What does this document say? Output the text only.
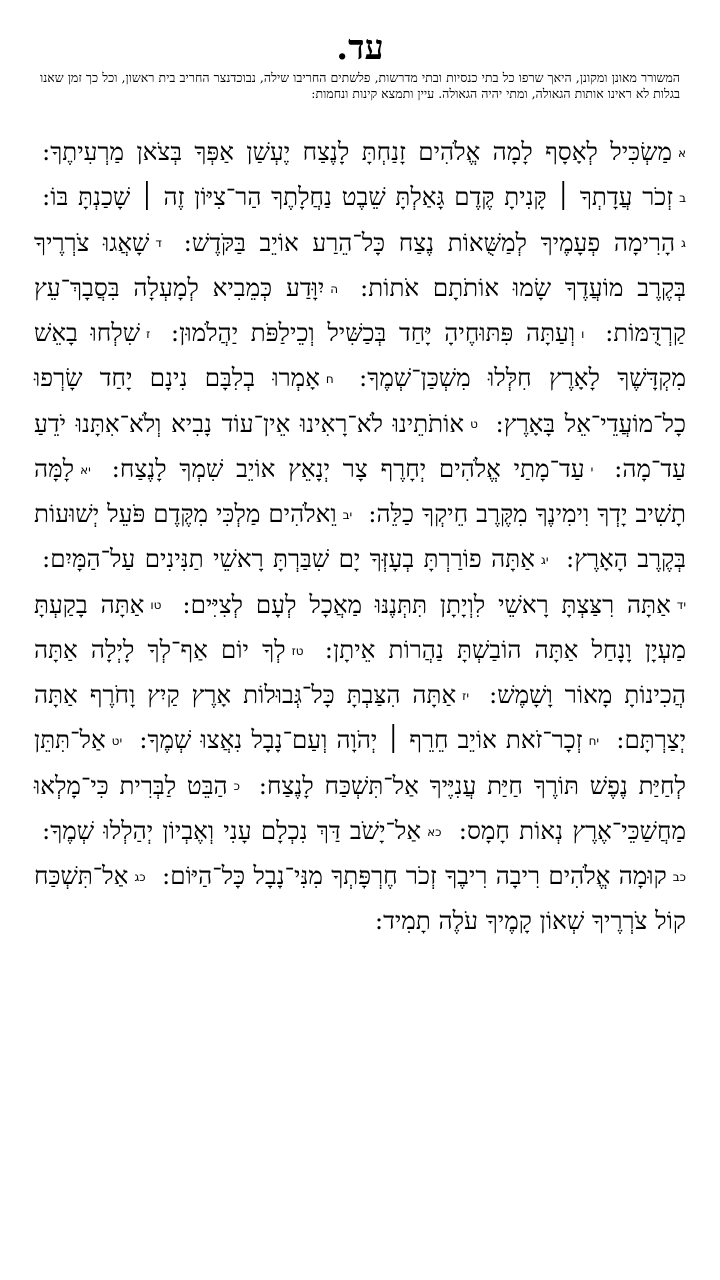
עד.
המשורר מאונן ומקונן, היאך שרפו כל בתי כנסיות ובתי מדרשות, פלשתים החריבו שילה, נבוכדנצר החריב בית ראשון, וכל כך זמן שאנו בגלות לא ראינו אותות הגאולה, ומתי יהיה הגאולה. עיין ותמצא קינות ונחמות:
אמַשְׂכִּיל לְאָסָף לָמָה אֱלֹהִים זָנַחְתָּ לָנֶצַח יֶעְשַׁן אַפְּךָ בְּצֹאן מַרְעִיתֶךָ: בזְכֹר עֲדָתְךָ ׀ קָּנִיתָ קֶּדֶם גָּאַלְתָּ שֵׁבֶט נַחֲלָתֶךָ הַר־צִיּוֹן זֶה ׀ שָׁכַנְתָּ בּוֹ: גהָרִימָה פְעָמֶיךָ לְמַשֻּׁאוֹת נֶצַח כָּל־הֵרַע אוֹיֵב בַּקֹּדֶשׁ: דשָׁאֲגוּ צֹרְרֶיךָ בְּקֶרֶב מוֹעֲדֶךָ שָׂמוּ אוֹתֹתָם אֹתוֹת: היִוָּדַע כְּמֵבִיא לְמָעְלָה בִּסֲבָךְ־עֵץ קַרְדֻּמּוֹת: ווְעַתָּה פִּתּוּחֶיהָ יָּחַד בְּכַשִּׁיל וְכֵילַפֹּת יַהֲלֹמוּן: זשִׁלְחוּ בָאֵשׁ מִקְדָּשֶׁךָ לָאָרֶץ חִלְּלוּ מִשְׁכַּן־שְׁמֶךָ: חאָמְרוּ בְלִבָּם נִינָם יָחַד שָׂרְפוּ כָל־מוֹעֲדֵי־אֵל בָּאָרֶץ: טאוֹתֹתֵינוּ לֹא־רָאִינוּ אֵין־עוֹד נָבִיא וְלֹא־אִתָּנוּ יֹדֵעַ עַד־מָה: יעַד־מָתַי אֱלֹהִים יְחָרֶף צָר יְנָאֵץ אוֹיֵב שִׁמְךָ לָנֶצַח: יאלָמָּה תָשִׁיב יָדְךָ וִימִינֶךָ מִקֶּרֶב חֵיקְךָ כַלֵּה: יבוֵאלֹהִים מַלְכִּי מִקֶּדֶם פֹּעֵל יְשׁוּעוֹת בְּקֶרֶב הָאָרֶץ: יגאַתָּה פוֹרַרְתָּ בְעָזְּךָ יָם שִׁבַּרְתָּ רָאשֵׁי תַנִּינִים עַל־הַמָּיִם: ידאַתָּה רִצַּצְתָּ רָאשֵׁי לִוְיָתָן תִּתְּנֶנּוּ מַאֲכָל לְעָם לְצִיִּים: טואַתָּה בָקַעְתָּ מַעְיָן וָנָחַל אַתָּה הוֹבַשְׁתָּ נַהֲרוֹת אֵיתָן: טזלְךָ יוֹם אַף־לְךָ לָיְלָה אַתָּה הֲכִינוֹתָ מָאוֹר וָשָׁמֶשׁ: יזאַתָּה הִצַּבְתָּ כָּל־גְּבוּלוֹת אָרֶץ קַיִץ וָחֹרֶף אַתָּה יְצַרְתָּם: יחזְכָר־זֹאת אוֹיֵב חֵרֵף ׀ יְהֹוָה וְעַם־נָבָל נִאֲצוּ שְׁמֶךָ: יטאַל־תִּתֵּן לְחַיַּת נֶפֶשׁ תּוֹרֶךָ חַיַּת עֲנִיֶּיךָ אַל־תִּשְׁכַּח לָנֶצַח: כהַבֵּט לַבְּרִית כִּי־מָלְאוּ מַחֲשַׁכֵּי־אֶרֶץ נְאוֹת חָמָס: כאאַל־יָשֹׁב דַּךְ נִכְלָם עָנִי וְאֶבְיוֹן יְהַלְלוּ שְׁמֶךָ: כבקוּמָה אֱלֹהִים רִיבָה רִיבֶךָ זְכֹר חֶרְפָּתְךָ מִנִּי־נָבָל כָּל־הַיּוֹם: כגאַל־תִּשְׁכַּח קוֹל צֹרְרֶיךָ שְׁאוֹן קָמֶיךָ עֹלֶה תָמִיד:
